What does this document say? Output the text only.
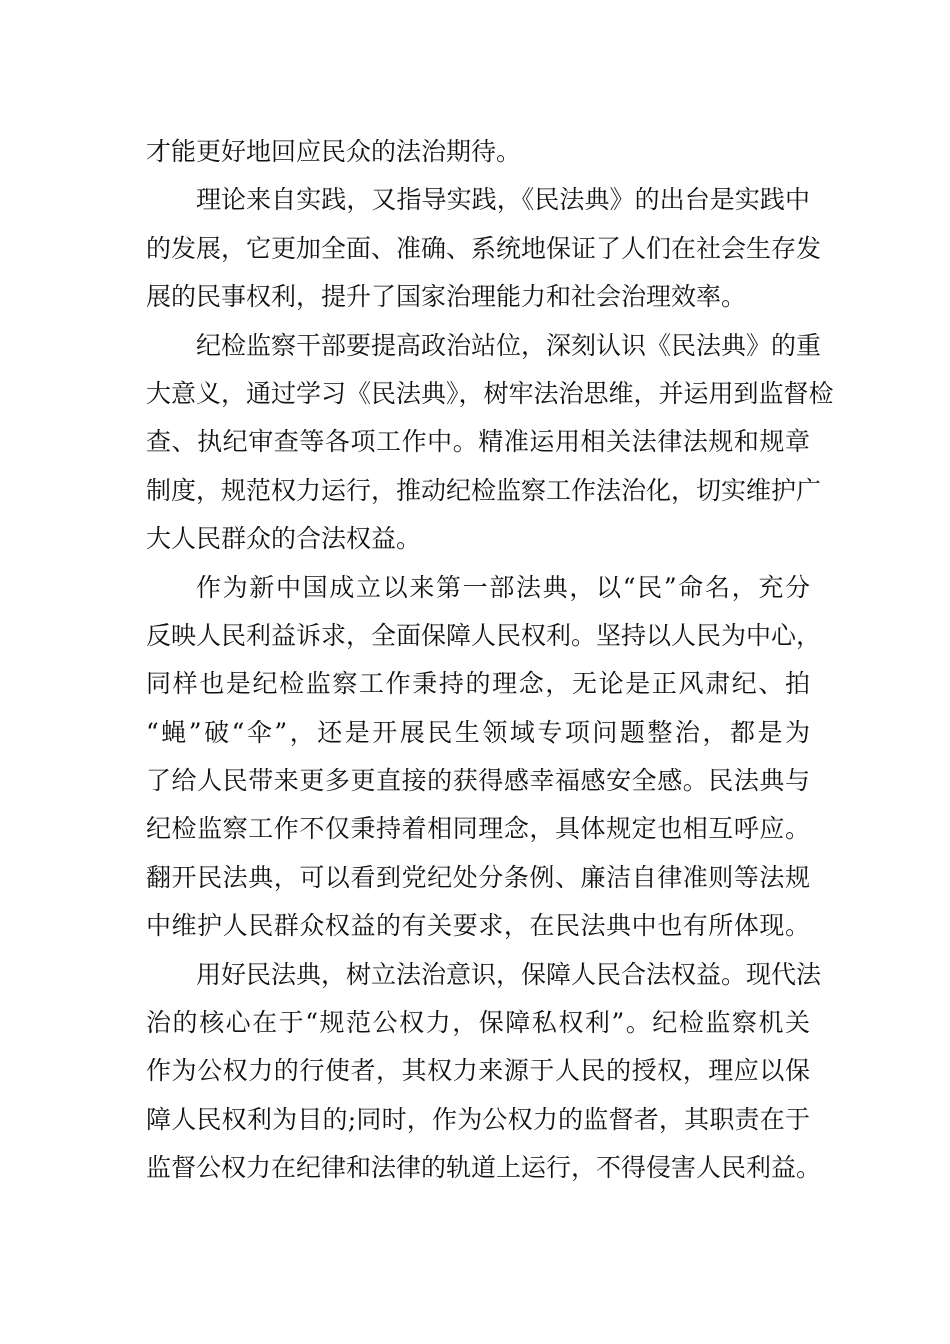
才能更好地回应民众的法治期待。
理论来自实践，又指导实践，《民法典》的出台是实践中
的发展，它更加全面、准确、系统地保证了人们在社会生存发
展的民事权利，提升了国家治理能力和社会治理效率。
纪检监察干部要提高政治站位，深刻认识《民法典》的重
大意义，通过学习《民法典》，树牢法治思维，并运用到监督检
查、执纪审查等各项工作中。精准运用相关法律法规和规章
制度，规范权力运行，推动纪检监察工作法治化，切实维护广
大人民群众的合法权益。
作为新中国成立以来第一部法典，以“民”命名，充分
反映人民利益诉求，全面保障人民权利。坚持以人民为中心，
同样也是纪检监察工作秉持的理念，无论是正风肃纪、拍
“蝇”破“伞”，还是开展民生领域专项问题整治，都是为
了给人民带来更多更直接的获得感幸福感安全感。民法典与
纪检监察工作不仅秉持着相同理念，具体规定也相互呼应。
翻开民法典，可以看到党纪处分条例、廉洁自律准则等法规
中维护人民群众权益的有关要求，在民法典中也有所体现。
用好民法典，树立法治意识，保障人民合法权益。现代法
治的核心在于“规范公权力，保障私权利”。纪检监察机关
作为公权力的行使者，其权力来源于人民的授权，理应以保
障人民权利为目的;同时，作为公权力的监督者，其职责在于
监督公权力在纪律和法律的轨道上运行，不得侵害人民利益。
